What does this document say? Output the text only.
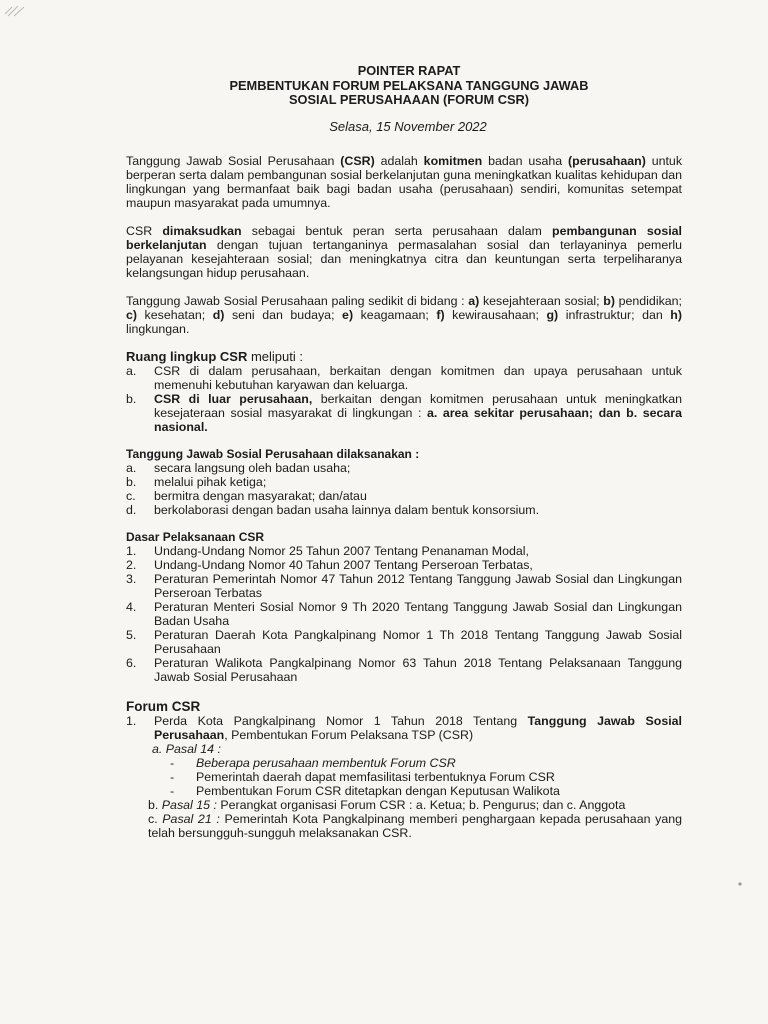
POINTER RAPAT
PEMBENTUKAN FORUM PELAKSANA TANGGUNG JAWAB
SOSIAL PERUSAHAAAN (FORUM CSR)
Selasa, 15 November 2022

Tanggung Jawab Sosial Perusahaan (CSR) adalah komitmen badan usaha (perusahaan) untuk berperan serta dalam pembangunan sosial berkelanjutan guna meningkatkan kualitas kehidupan dan lingkungan yang bermanfaat baik bagi badan usaha (perusahaan) sendiri, komunitas setempat maupun masyarakat pada umumnya.

CSR dimaksudkan sebagai bentuk peran serta perusahaan dalam pembangunan sosial berkelanjutan dengan tujuan tertanganinya permasalahan sosial dan terlayaninya pemerlu pelayanan kesejahteraan sosial; dan meningkatnya citra dan keuntungan serta terpeliharanya kelangsungan hidup perusahaan.

Tanggung Jawab Sosial Perusahaan paling sedikit di bidang : a) kesejahteraan sosial; b) pendidikan; c) kesehatan; d) seni dan budaya; e) keagamaan; f) kewirausahaan; g) infrastruktur; dan h) lingkungan.

Ruang lingkup CSR meliputi :

a. CSR di dalam perusahaan, berkaitan dengan komitmen dan upaya perusahaan untuk memenuhi kebutuhan karyawan dan keluarga.

b. CSR di luar perusahaan, berkaitan dengan komitmen perusahaan untuk meningkatkan kesejateraan sosial masyarakat di lingkungan : a. area sekitar perusahaan; dan b. secara nasional.

Tanggung Jawab Sosial Perusahaan dilaksanakan :

a. secara langsung oleh badan usaha;

b. melalui pihak ketiga;

c. bermitra dengan masyarakat; dan/atau

d. berkolaborasi dengan badan usaha lainnya dalam bentuk konsorsium.

Dasar Pelaksanaan CSR

1. Undang-Undang Nomor 25 Tahun 2007 Tentang Penanaman Modal,

2. Undang-Undang Nomor 40 Tahun 2007 Tentang Perseroan Terbatas,

3. Peraturan Pemerintah Nomor 47 Tahun 2012 Tentang Tanggung Jawab Sosial dan Lingkungan Perseroan Terbatas

4. Peraturan Menteri Sosial Nomor 9 Th 2020 Tentang Tanggung Jawab Sosial dan Lingkungan Badan Usaha

5. Peraturan Daerah Kota Pangkalpinang Nomor 1 Th 2018 Tentang Tanggung Jawab Sosial Perusahaan

6. Peraturan Walikota Pangkalpinang Nomor 63 Tahun 2018 Tentang Pelaksanaan Tanggung Jawab Sosial Perusahaan

Forum CSR

1. Perda Kota Pangkalpinang Nomor 1 Tahun 2018 Tentang Tanggung Jawab Sosial Perusahaan, Pembentukan Forum Pelaksana TSP (CSR)

a. Pasal 14 :
- Beberapa perusahaan membentuk Forum CSR
- Pemerintah daerah dapat memfasilitasi terbentuknya Forum CSR
- Pembentukan Forum CSR ditetapkan dengan Keputusan Walikota

b. Pasal 15 : Perangkat organisasi Forum CSR : a. Ketua; b. Pengurus; dan c. Anggota

c. Pasal 21 : Pemerintah Kota Pangkalpinang memberi penghargaan kepada perusahaan yang telah bersungguh-sungguh melaksanakan CSR.
